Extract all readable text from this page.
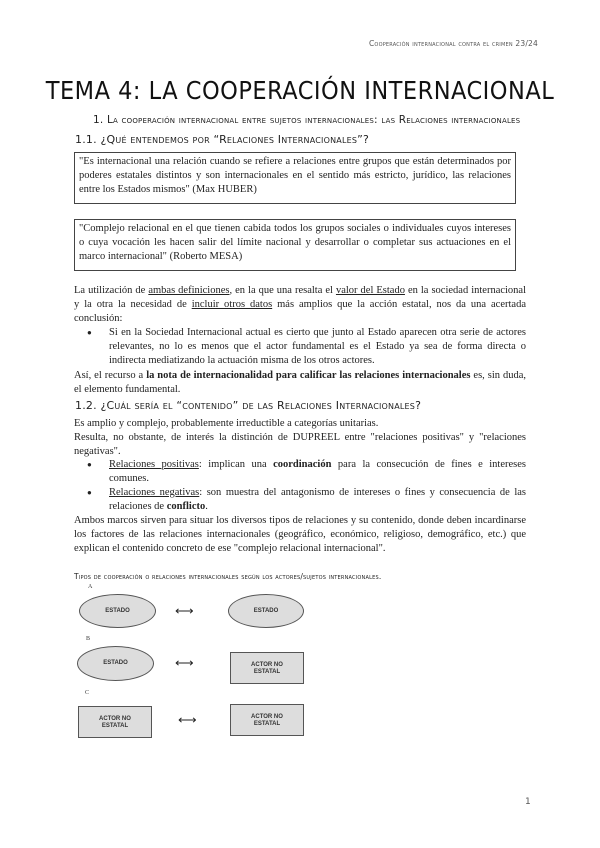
Cooperación internacional contra el crimen 23/24
TEMA 4: LA COOPERACIÓN INTERNACIONAL
1. La cooperación internacional entre sujetos internacionales: las Relaciones internacionales
1.1. ¿Qué entendemos por “Relaciones Internacionales”?
"Es internacional una relación cuando se refiere a relaciones entre grupos que están determinados por poderes estatales distintos y son internacionales en el sentido más estricto, jurídico, las relaciones entre los Estados mismos" (Max HUBER)
"Complejo relacional en el que tienen cabida todos los grupos sociales o individuales cuyos intereses o cuya vocación les hacen salir del límite nacional y desarrollar o completar sus actuaciones en el marco internacional" (Roberto MESA)
La utilización de ambas definiciones, en la que una resalta el valor del Estado en la sociedad internacional y la otra la necesidad de incluir otros datos más amplios que la acción estatal, nos da una acertada conclusión:
● Si en la Sociedad Internacional actual es cierto que junto al Estado aparecen otra serie de actores relevantes, no lo es menos que el actor fundamental es el Estado ya sea de forma directa o indirecta mediatizando la actuación misma de los otros actores.
Así, el recurso a la nota de internacionalidad para calificar las relaciones internacionales es, sin duda, el elemento fundamental.
1.2. ¿Cuál sería el “contenido” de las Relaciones Internacionales?
Es amplio y complejo, probablemente irreductible a categorías unitarias.
Resulta, no obstante, de interés la distinción de DUPREEL entre "relaciones positivas" y "relaciones negativas".
● Relaciones positivas: implican una coordinación para la consecución de fines e intereses comunes.
● Relaciones negativas: son muestra del antagonismo de intereses o fines y consecuencia de las relaciones de conflicto.
Ambos marcos sirven para situar los diversos tipos de relaciones y su contenido, donde deben incardinarse los factores de las relaciones internacionales (geográfico, económico, religioso, demográfico, etc.) que explican el contenido concreto de ese "complejo relacional internacional".
Tipos de cooperación o relaciones internacionales según los actores/sujetos internacionales.
A
ESTADO	⟷	ESTADO
B
ESTADO	⟷	ACTOR NO
ESTATAL
C
ACTOR NO
ESTATAL	⟷	ACTOR NO
ESTATAL
1
